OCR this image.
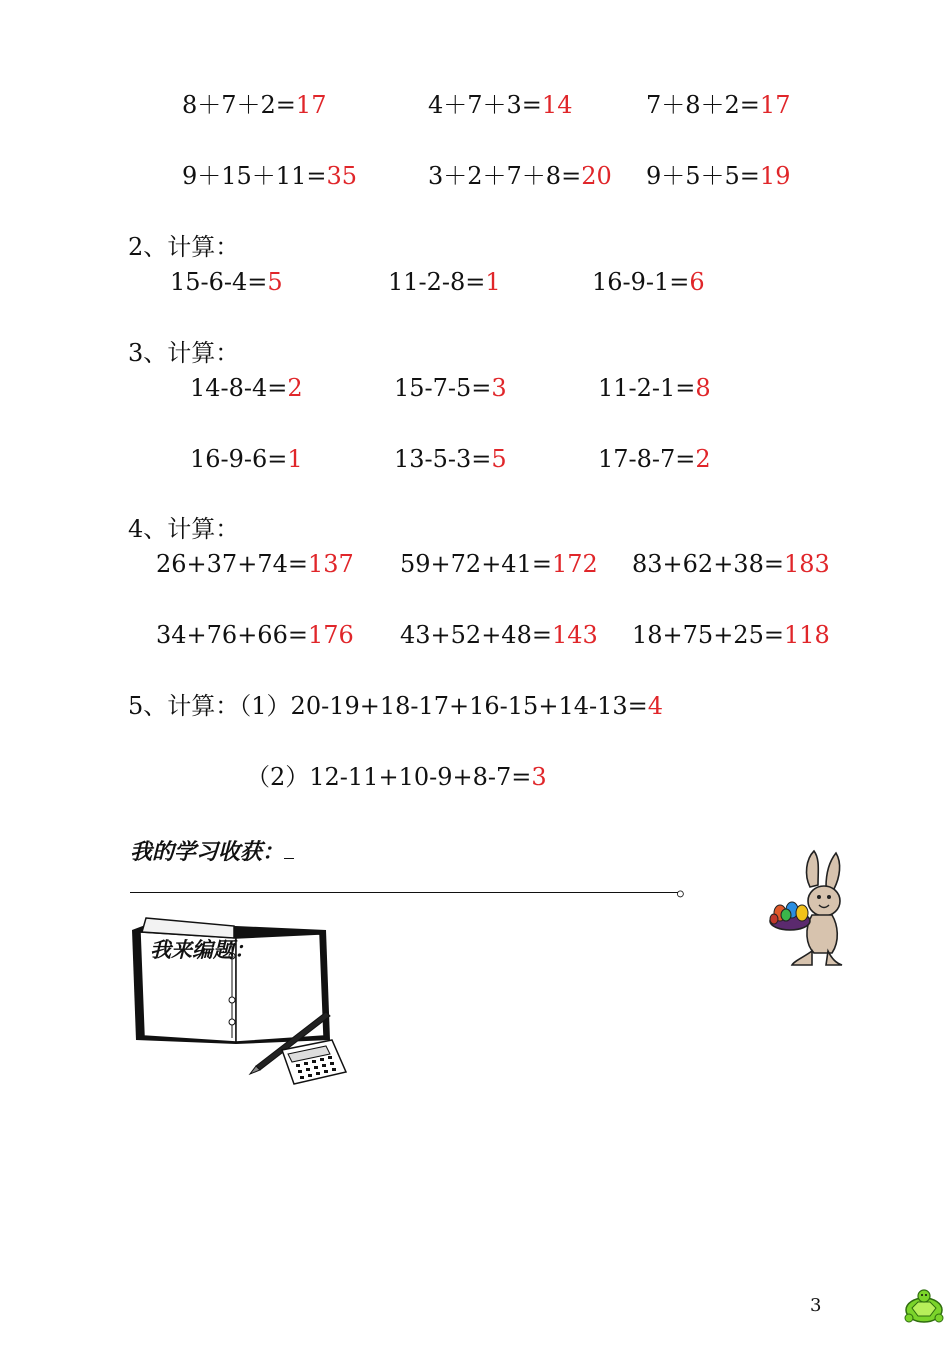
8＋7＋2=17	4＋7＋3=14	7＋8＋2=17
9＋15＋11=35	3＋2＋7＋8=20 9＋5＋5=19
2、计算：
15-6-4=5	11-2-8=1	16-9-1=6
3、计算：
14-8-4=2	15-7-5=3	11-2-1=8
16-9-6=1	13-5-3=5	17-8-7=2
4、计算：
26+37+74=137 59+72+41=172 83+62+38=183
34+76+66=176 43+52+48=143 18+75+25=118
5、计算：（1）20-19+18-17+16-15+14-13=4
（2）12-11+10-9+8-7=3
我的学习收获：
。
我来编题：
3
